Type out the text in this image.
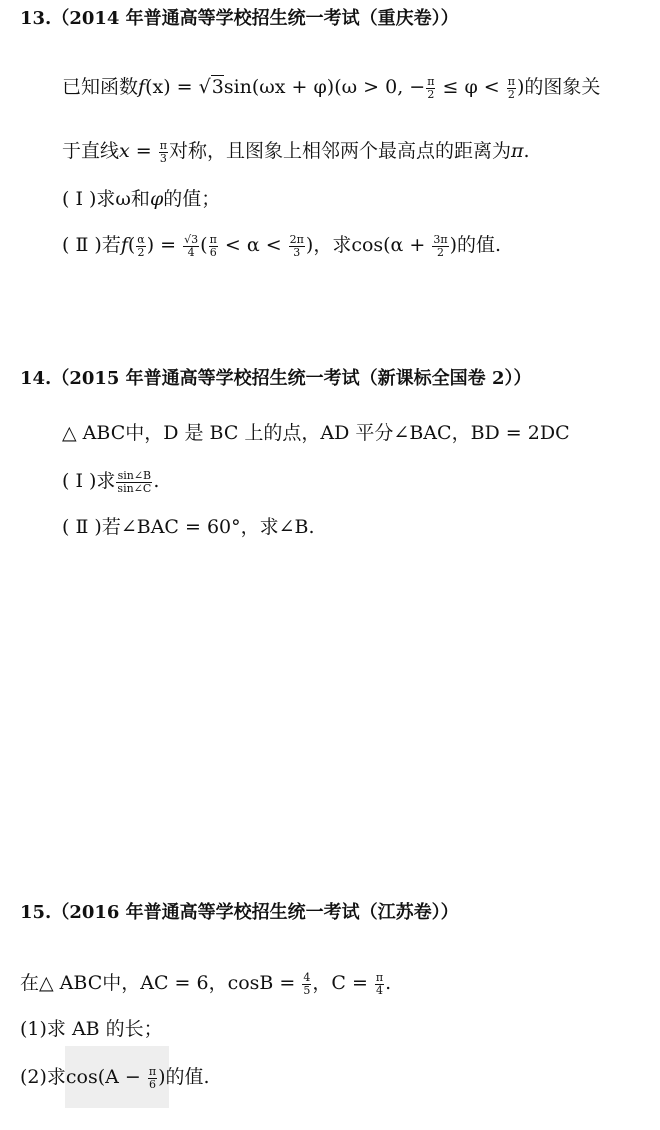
13.（2014 年普通高等学校招生统一考试（重庆卷））
已知函数f(x) = √3sin(ωx + φ)(ω > 0, − $\frac{\pi}{2} \le \varphi < \frac{\pi}{2}$ )的图象关
于直线$x = \frac{\pi}{3}$ 对称，且图象上相邻两个最高点的距离为π.
( I )求ω和φ的值；
( Ⅱ )若$f( \frac{\alpha}{2}$ ) = $\frac{√3}{4}$ ( $\frac{\pi}{6} < \alpha < \frac{2\pi}{3}$ )，求$\cos(\alpha + \frac{3\pi}{2}$ )的值.
14.（2015 年普通高等学校招生统一考试（新课标全国卷 2））
△ ABC中，D 是 BC 上的点，AD 平分∠BAC，BD = 2DC
( I )求 $\frac{\sin\angle B}{\sin\angle C}$ .
( Ⅱ )若∠BAC = 60°，求∠B.
15.（2016 年普通高等学校招生统一考试（江苏卷））
在△ ABC中，AC = 6，$\cos B = \frac{4}{5}$ ，$C = \frac{\pi}{4}$ .
(1)求 AB 的长；
(2)求$\cos(A - \frac{\pi}{6}$ )的值.
